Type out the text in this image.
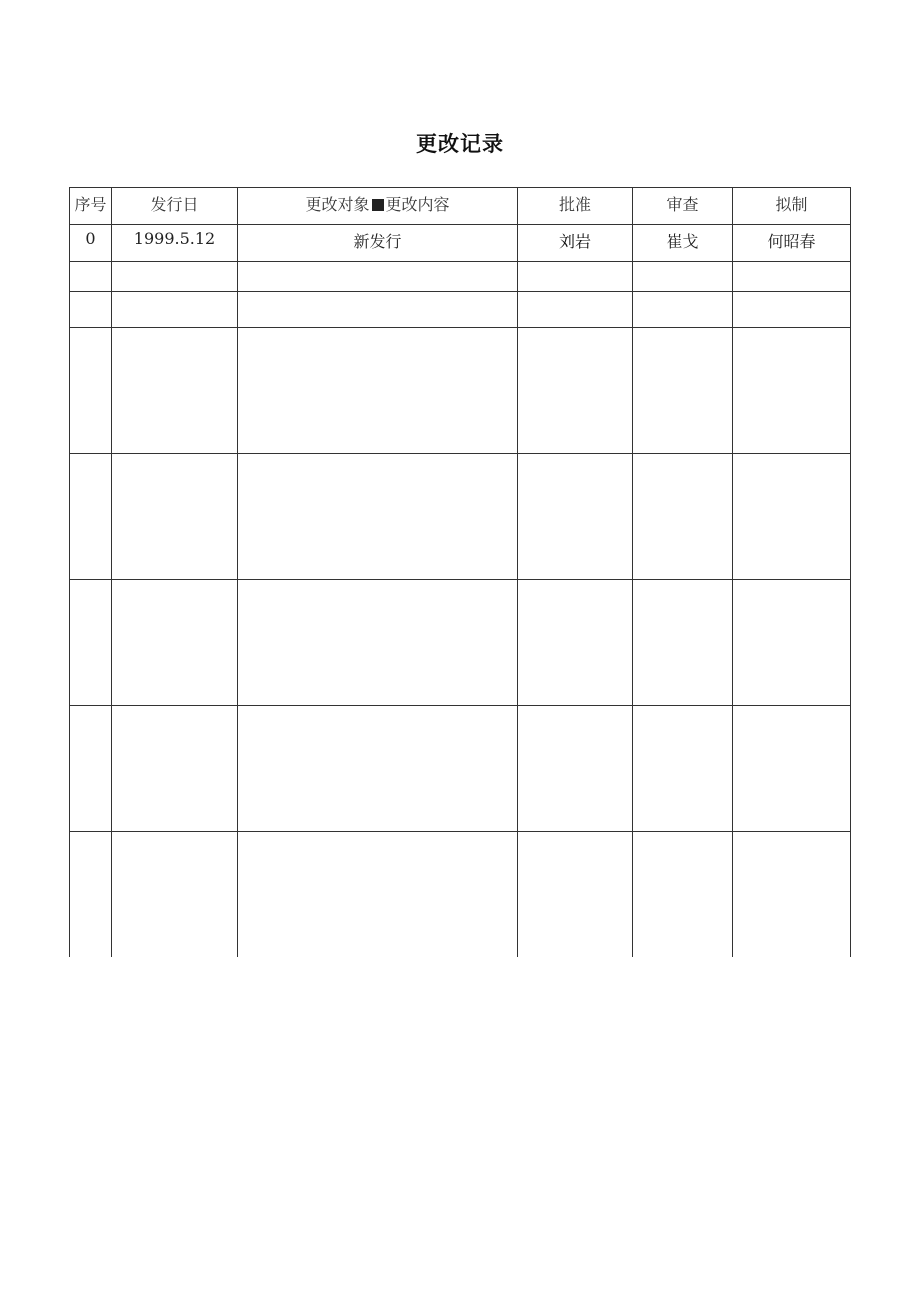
更改记录
序号	发行日	更改对象 更改内容	批准	审查	拟制
0	1999.5.12	新发行	刘岩	崔戈	何昭春
